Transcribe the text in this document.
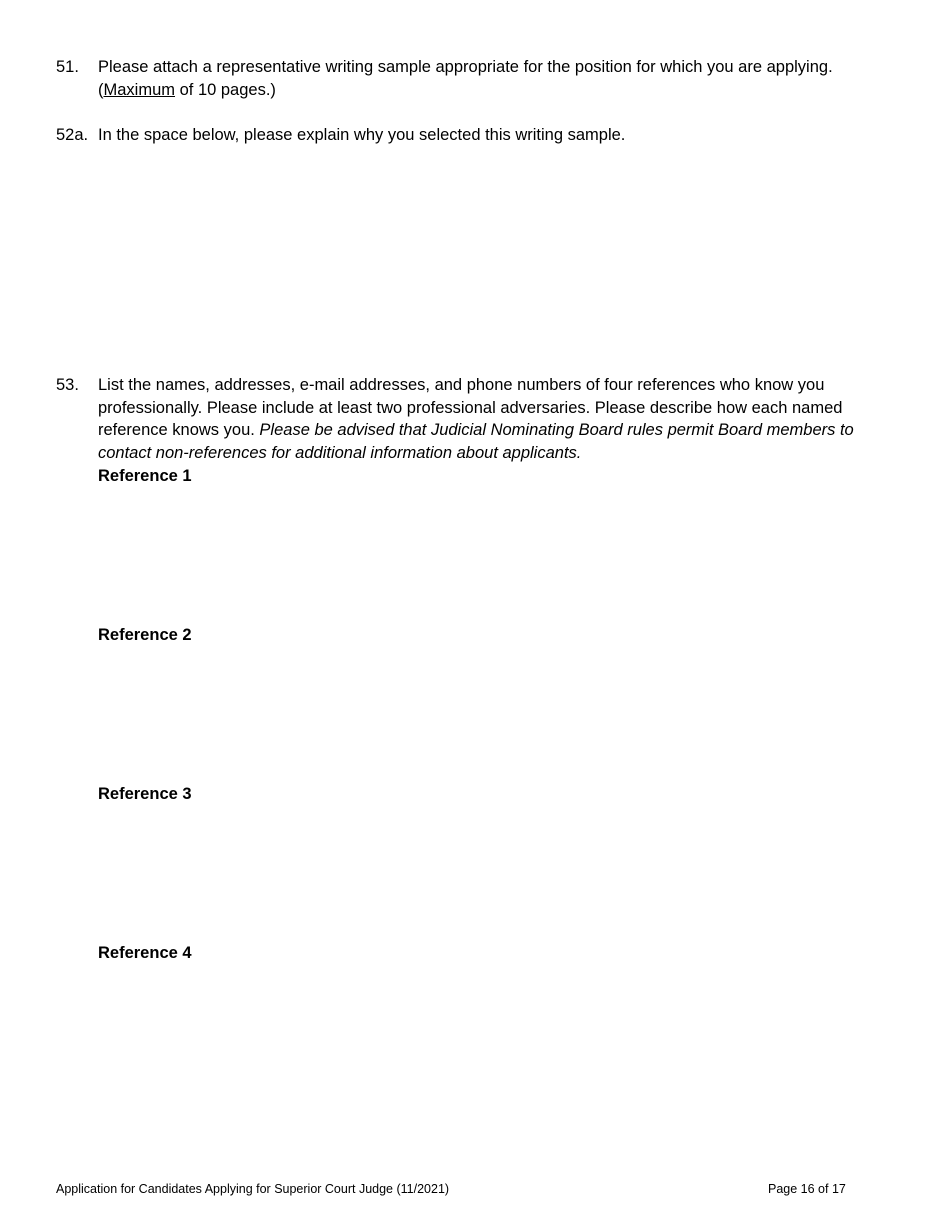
51. Please attach a representative writing sample appropriate for the position for which you are applying. (Maximum of 10 pages.)
52a. In the space below, please explain why you selected this writing sample.
53. List the names, addresses, e-mail addresses, and phone numbers of four references who know you professionally. Please include at least two professional adversaries. Please describe how each named reference knows you. Please be advised that Judicial Nominating Board rules permit Board members to contact non-references for additional information about applicants.
Reference 1
Reference 2
Reference 3
Reference 4
Application for Candidates Applying for Superior Court Judge (11/2021)	Page 16 of 17
